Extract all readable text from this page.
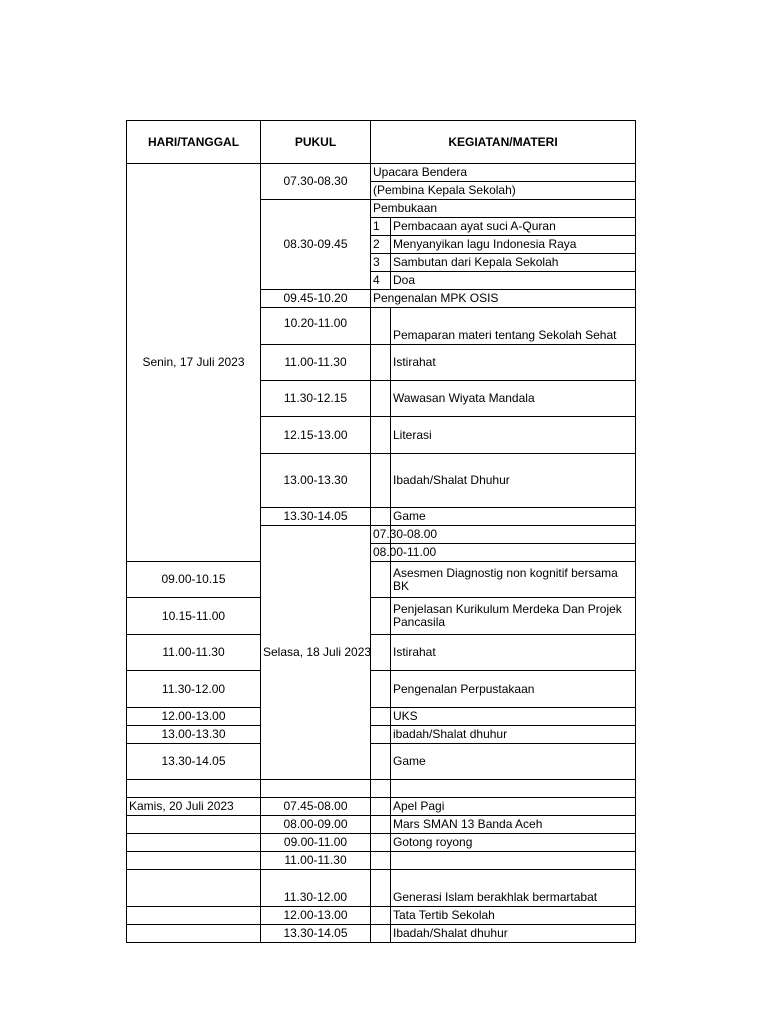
HARI/TANGGAL	PUKUL	KEGIATAN/MATERI		
Senin, 17 Juli 2023	07.30-08.30	Upacara Bendera		
		(Pembina Kepala Sekolah)		
	08.30-09.45	Pembukaan		
		1	Pembacaan ayat suci A-Quran	
		2	Menyanyikan lagu Indonesia Raya	
		3	Sambutan dari Kepala Sekolah	
		4	Doa	
	09.45-10.20	Pengenalan MPK OSIS		
	10.20-11.00		Pemaparan materi tentang Sekolah Sehat	
	11.00-11.30		Istirahat	
	11.30-12.15		Wawasan Wiyata Mandala	
	12.15-13.00		Literasi	
	13.00-13.30		Ibadah/Shalat Dhuhur	
	13.30-14.05		Game	
	Selasa, 18 Juli 2023	07.30-08.00		
		08.00-11.00		
09.00-10.15			Asesmen Diagnostig non kognitif bersama BK	
10.15-11.00			Penjelasan Kurikulum Merdeka Dan Projek Pancasila	
11.00-11.30			Istirahat	
11.30-12.00			Pengenalan Perpustakaan	
12.00-13.00			UKS	
13.00-13.30			ibadah/Shalat dhuhur	
13.30-14.05			Game	

Kamis, 20 Juli 2023	07.45-08.00		Apel Pagi	
	08.00-09.00		Mars SMAN 13 Banda Aceh	
	09.00-11.00		Gotong royong	
	11.00-11.30			
	11.30-12.00		Generasi Islam berakhlak bermartabat	
	12.00-13.00		Tata Tertib Sekolah	
	13.30-14.05		Ibadah/Shalat dhuhur	
